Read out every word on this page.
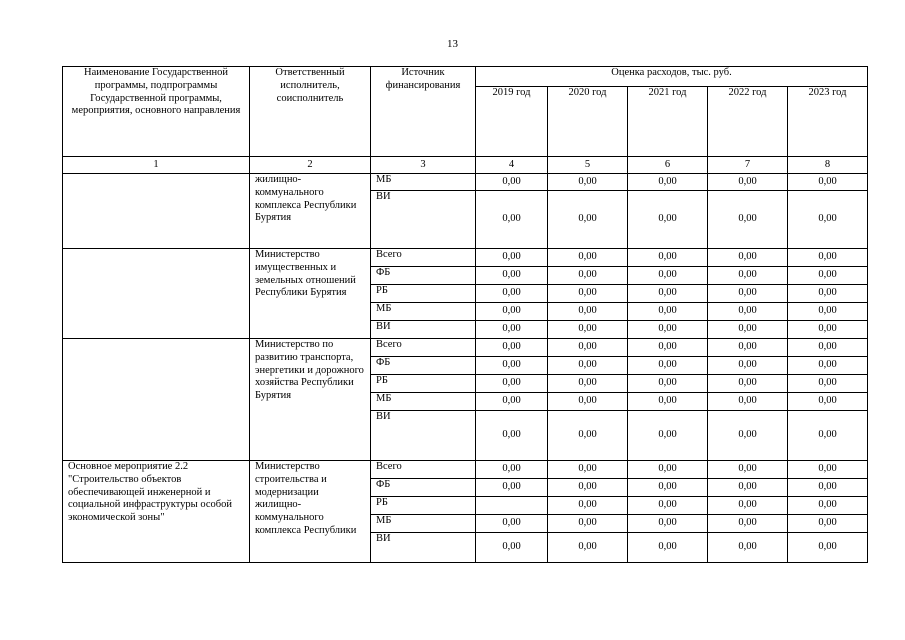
13
Наименование Государственной программы, подпрограммы Государственной программы, мероприятия, основного направления	Ответственный исполнитель, соисполнитель	Источник финансирования	Оценка расходов, тыс. руб.				
			2019 год	2020 год	2021 год	2022 год	2023 год
1	2	3	4	5	6	7	8
	жилищно-коммунального комплекса Республики Бурятия	МБ	0,00	0,00	0,00	0,00	0,00
		ВИ	0,00	0,00	0,00	0,00	0,00
	Министерство имущественных и земельных отношений Республики Бурятия	Всего	0,00	0,00	0,00	0,00	0,00
		ФБ	0,00	0,00	0,00	0,00	0,00
		РБ	0,00	0,00	0,00	0,00	0,00
		МБ	0,00	0,00	0,00	0,00	0,00
		ВИ	0,00	0,00	0,00	0,00	0,00
	Министерство по развитию транспорта, энергетики и дорожного хозяйства Республики Бурятия	Всего	0,00	0,00	0,00	0,00	0,00
		ФБ	0,00	0,00	0,00	0,00	0,00
		РБ	0,00	0,00	0,00	0,00	0,00
		МБ	0,00	0,00	0,00	0,00	0,00
		ВИ	0,00	0,00	0,00	0,00	0,00
Основное мероприятие 2.2 "Строительство объектов обеспечивающей инженерной и социальной инфраструктуры особой экономической зоны"	Министерство строительства и модернизации жилищно-коммунального комплекса Республики	Всего	0,00	0,00	0,00	0,00	0,00
		ФБ	0,00	0,00	0,00	0,00	0,00
		РБ		0,00	0,00	0,00	0,00
		МБ	0,00	0,00	0,00	0,00	0,00
		ВИ	0,00	0,00	0,00	0,00	0,00
